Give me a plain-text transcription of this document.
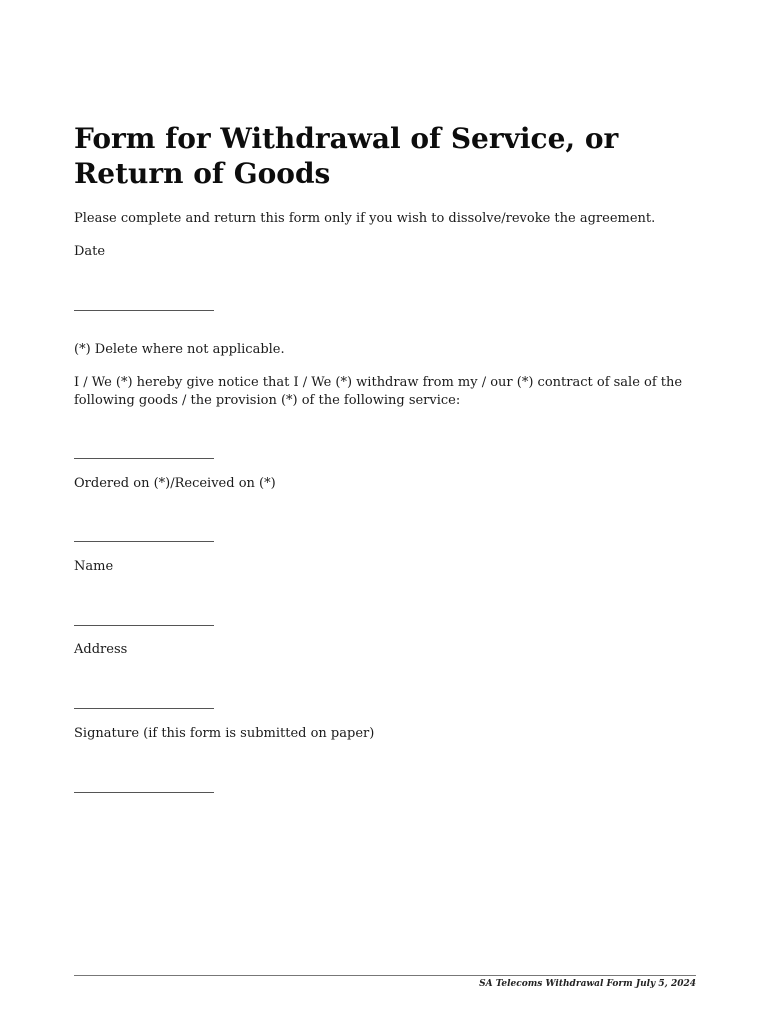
Form for Withdrawal of Service, or Return of Goods

Please complete and return this form only if you wish to dissolve/revoke the agreement.

Date

(*) Delete where not applicable.

I / We (*) hereby give notice that I / We (*) withdraw from my / our (*) contract of sale of the following goods / the provision (*) of the following service:

Ordered on (*)/Received on (*)

Name

Address

Signature (if this form is submitted on paper)

SA Telecoms Withdrawal Form July 5, 2024
